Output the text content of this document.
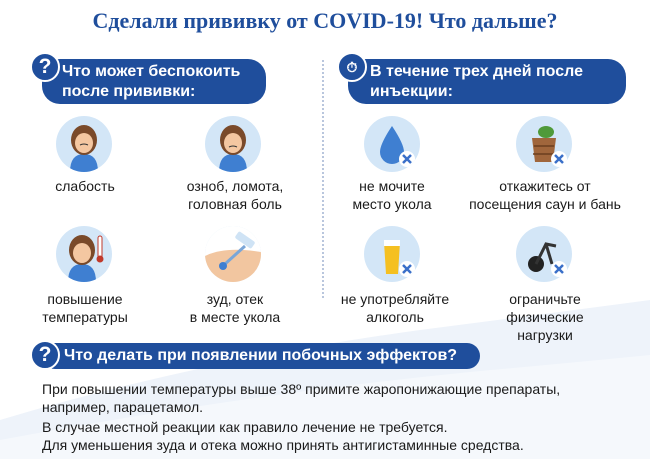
Сделали прививку от COVID-19! Что дальше?
? Что может беспокоить
после прививки:
⏱ В течение трех дней после
инъекции:
слабость	озноб, ломота,
головная боль
повышение
температуры
зуд, отек
в месте укола
не мочите
место укола
откажитесь от
посещения саун и бань
не употребляйте
алкоголь
ограничьте
физические
нагрузки
? Что делать при появлении побочных эффектов?
При повышении температуры выше 38º примите жаропонижающие препараты,
например, парацетамол.
В случае местной реакции как правило лечение не требуется.
Для уменьшения зуда и отека можно принять антигистаминные средства.
